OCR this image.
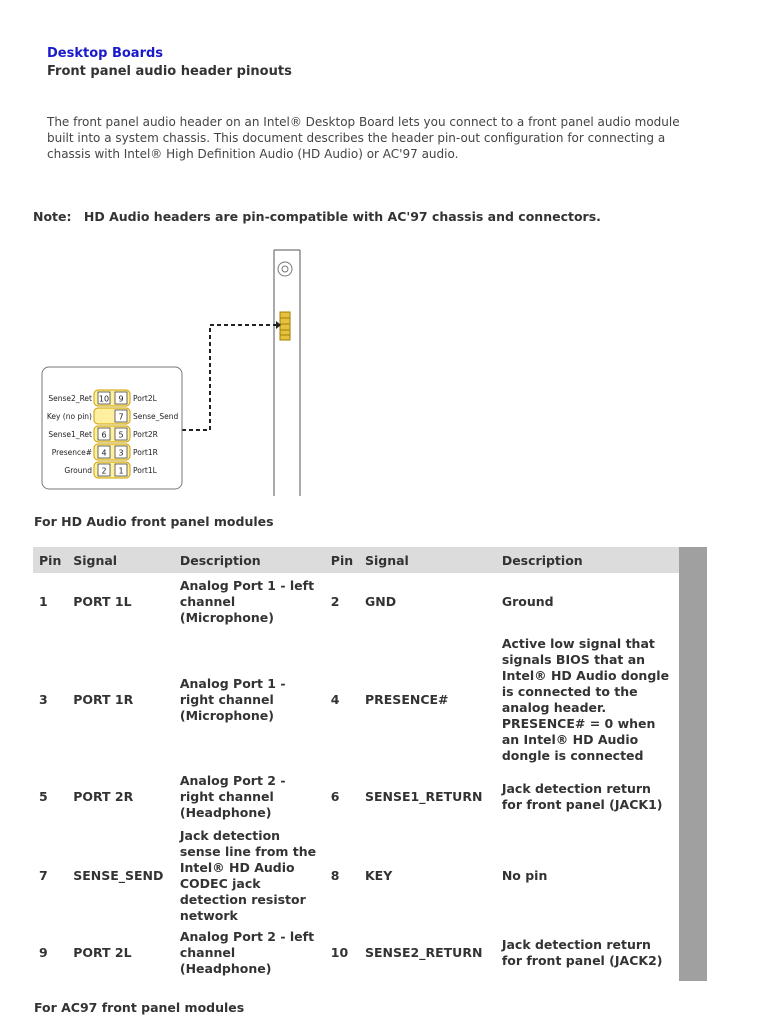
Desktop Boards
Front panel audio header pinouts
The front panel audio header on an Intel® Desktop Board lets you connect to a front panel audio module built into a system chassis. This document describes the header pin-out configuration for connecting a chassis with Intel® High Definition Audio (HD Audio) or AC'97 audio.
Note: HD Audio headers are pin-compatible with AC'97 chassis and connectors.
10 9
Sense2_Ret	Port2L
7
Key (no pin)	Sense_Send
6 5
Sense1_Ret	Port2R
4 3
Presence#	Port1R
2 1
Ground	Port1L
For HD Audio front panel modules
Pin	Signal	Description	Pin	Signal	Description
1	PORT 1L	Analog Port 1 - left channel (Microphone)	2	GND	Ground
3	PORT 1R	Analog Port 1 - right channel (Microphone)	4	PRESENCE#	Active low signal that signals BIOS that an Intel® HD Audio dongle is connected to the analog header. PRESENCE# = 0 when an Intel® HD Audio dongle is connected
5	PORT 2R	Analog Port 2 - right channel (Headphone)	6	SENSE1_RETURN	Jack detection return for front panel (JACK1)
7	SENSE_SEND	Jack detection sense line from the Intel® HD Audio CODEC jack detection resistor network	8	KEY	No pin
9	PORT 2L	Analog Port 2 - left channel (Headphone)	10	SENSE2_RETURN	Jack detection return for front panel (JACK2)
For AC97 front panel modules
